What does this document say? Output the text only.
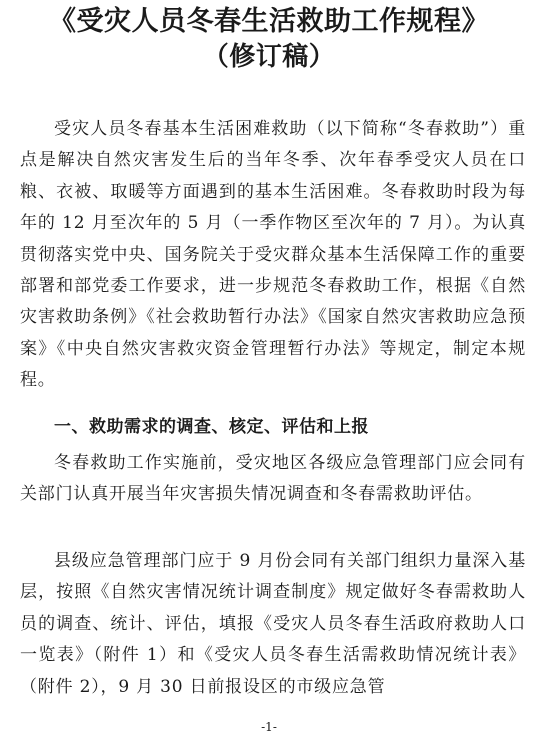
《受灾人员冬春生活救助工作规程》
（修订稿）
受灾人员冬春基本生活困难救助（以下简称“冬春救助”）重点是解决自然灾害发生后的当年冬季、次年春季受灾人员在口粮、衣被、取暖等方面遇到的基本生活困难。冬春救助时段为每年的 12 月至次年的 5 月（一季作物区至次年的 7 月）。为认真贯彻落实党中央、国务院关于受灾群众基本生活保障工作的重要部署和部党委工作要求，进一步规范冬春救助工作，根据《自然灾害救助条例》《社会救助暂行办法》《国家自然灾害救助应急预案》《中央自然灾害救灾资金管理暂行办法》等规定，制定本规程。
一、救助需求的调查、核定、评估和上报
冬春救助工作实施前，受灾地区各级应急管理部门应会同有关部门认真开展当年灾害损失情况调查和冬春需救助评估。
县级应急管理部门应于 9 月份会同有关部门组织力量深入基层，按照《自然灾害情况统计调查制度》规定做好冬春需救助人员的调查、统计、评估，填报《受灾人员冬春生活政府救助人口一览表》（附件 1）和《受灾人员冬春生活需救助情况统计表》（附件 2），9 月 30 日前报设区的市级应急管
-1-
